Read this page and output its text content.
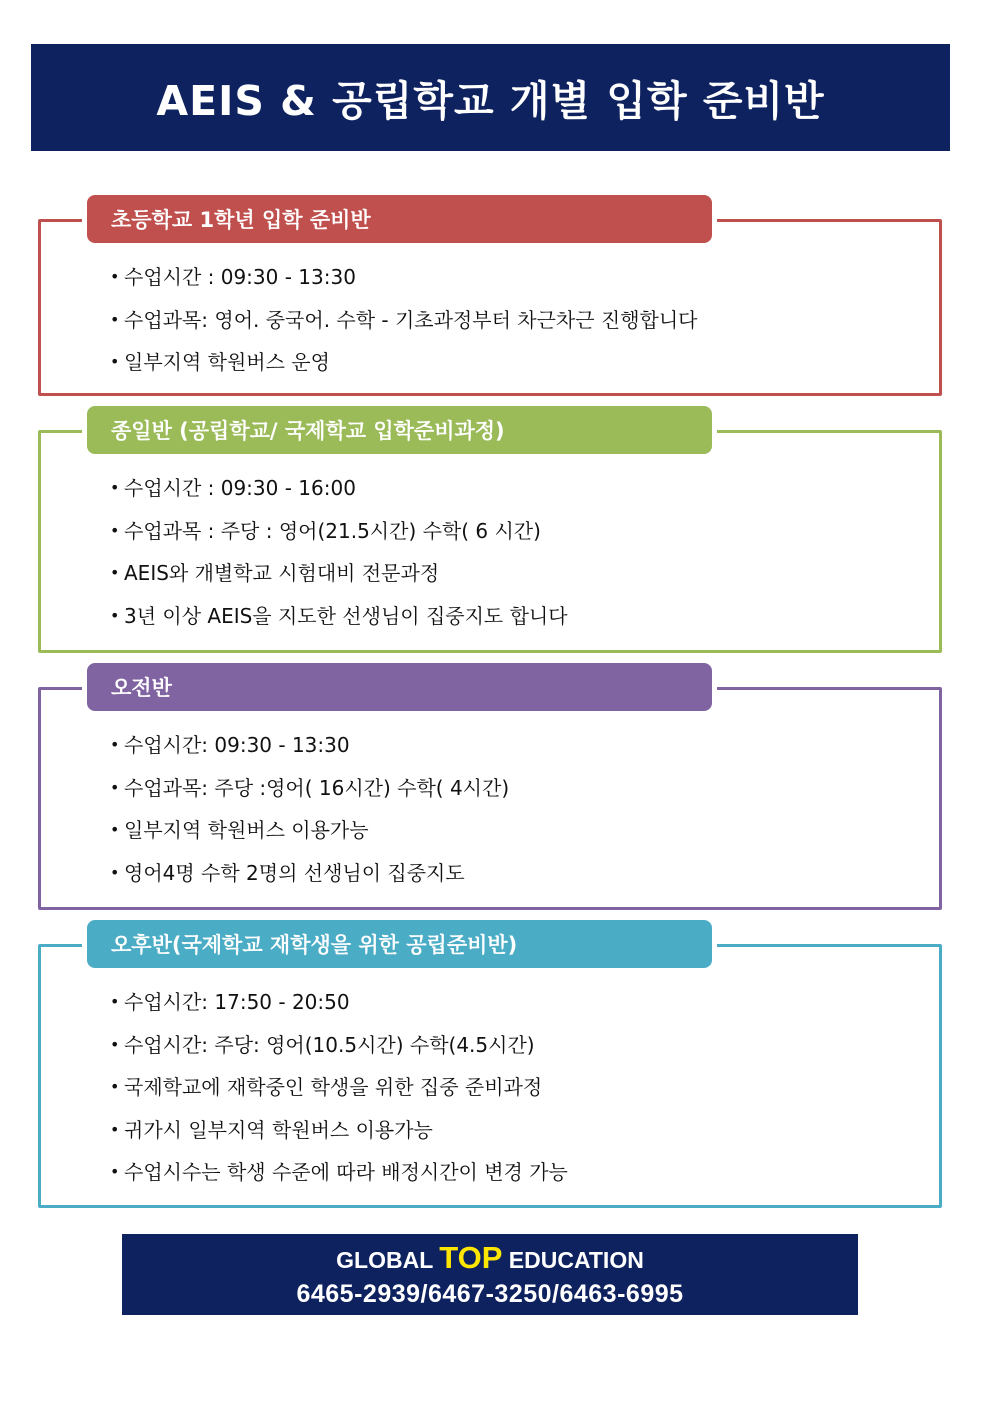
AEIS & 공립학교 개별 입학 준비반
초등학교 1학년 입학 준비반
• 수업시간 : 09:30 - 13:30
• 수업과목: 영어. 중국어. 수학 - 기초과정부터 차근차근 진행합니다
• 일부지역 학원버스 운영
종일반 (공립학교/ 국제학교 입학준비과정)
• 수업시간 : 09:30 - 16:00
• 수업과목 : 주당 : 영어(21.5시간) 수학( 6 시간)
• AEIS와 개별학교 시험대비 전문과정
• 3년 이상 AEIS을 지도한 선생님이 집중지도 합니다
오전반
• 수업시간: 09:30 - 13:30
• 수업과목: 주당 :영어( 16시간) 수학( 4시간)
• 일부지역 학원버스 이용가능
• 영어4명 수학 2명의 선생님이 집중지도
오후반(국제학교 재학생을 위한 공립준비반)
• 수업시간: 17:50 - 20:50
• 수업시간: 주당: 영어(10.5시간) 수학(4.5시간)
• 국제학교에 재학중인 학생을 위한 집중 준비과정
• 귀가시 일부지역 학원버스 이용가능
• 수업시수는 학생 수준에 따라 배정시간이 변경 가능
GLOBAL TOP EDUCATION
6465-2939/6467-3250/6463-6995
